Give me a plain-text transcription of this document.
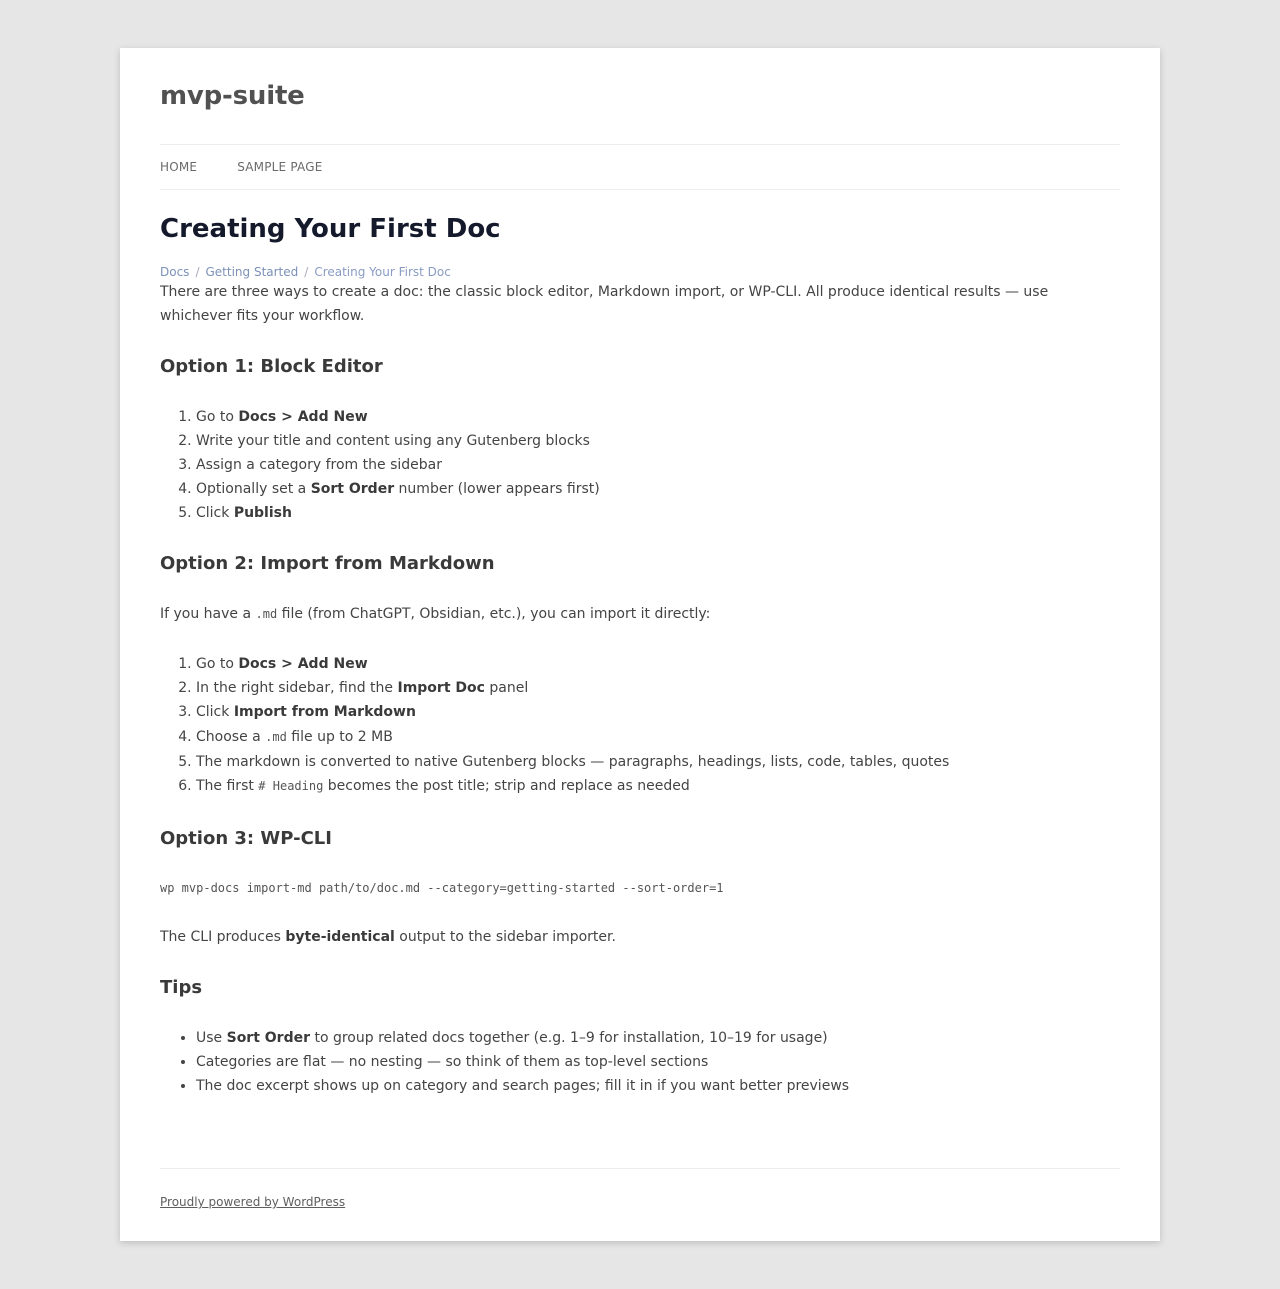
mvp-suite
HOME	SAMPLE PAGE
Creating Your First Doc
Docs / Getting Started / Creating Your First Doc

There are three ways to create a doc: the classic block editor, Markdown import, or WP-CLI. All produce identical results — use whichever fits your workflow.

Option 1: Block Editor
1. Go to Docs > Add New
2. Write your title and content using any Gutenberg blocks
3. Assign a category from the sidebar
4. Optionally set a Sort Order number (lower appears first)
5. Click Publish
Option 2: Import from Markdown

If you have a .md file (from ChatGPT, Obsidian, etc.), you can import it directly:

1. Go to Docs > Add New
2. In the right sidebar, find the Import Doc panel
3. Click Import from Markdown
4. Choose a .md file up to 2 MB
5. The markdown is converted to native Gutenberg blocks — paragraphs, headings, lists, code, tables, quotes
6. The first # Heading becomes the post title; strip and replace as needed
Option 3: WP-CLI
wp mvp-docs import-md path/to/doc.md --category=getting-started --sort-order=1

The CLI produces byte-identical output to the sidebar importer.

Tips
• Use Sort Order to group related docs together (e.g. 1–9 for installation, 10–19 for usage)
• Categories are flat — no nesting — so think of them as top-level sections
• The doc excerpt shows up on category and search pages; fill it in if you want better previews
Proudly powered by WordPress
